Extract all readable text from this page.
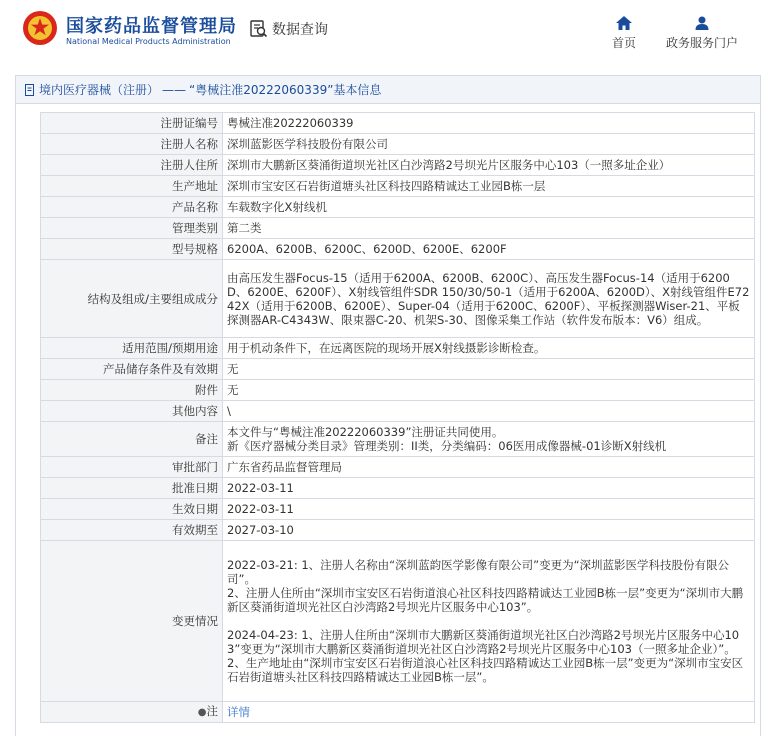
国家药品监督管理局
National Medical Products Administration
数据查询
首页 政务服务门户
境内医疗器械（注册） —— “粤械注准20222060339”基本信息
注册证编号	粤械注准20222060339
注册人名称	深圳蓝影医学科技股份有限公司
注册人住所	深圳市大鹏新区葵涌街道坝光社区白沙湾路2号坝光片区服务中心103（一照多址企业）
生产地址	深圳市宝安区石岩街道塘头社区科技四路精诚达工业园B栋一层
产品名称	车载数字化X射线机
管理类别	第二类
型号规格	6200A、6200B、6200C、6200D、6200E、6200F
结构及组成/主要组成成分	由高压发生器Focus-15（适用于6200A、6200B、6200C）、高压发生器Focus-14（适用于6200D、6200E、6200F）、X射线管组件SDR 150/30/50-1（适用于6200A、6200D）、X射线管组件E7242X（适用于6200B、6200E）、Super-04（适用于6200C、6200F）、平板探测器Wiser-21、平板探测器AR-C4343W、限束器C-20、机架S-30、图像采集工作站（软件发布版本：V6）组成。
适用范围/预期用途	用于机动条件下，在远离医院的现场开展X射线摄影诊断检查。
产品储存条件及有效期	无
附件	无
其他内容	\
备注	本文件与“粤械注准20222060339”注册证共同使用。
新《医疗器械分类目录》管理类别：II类，分类编码：06医用成像器械-01诊断X射线机

审批部门	广东省药品监督管理局
批准日期	2022-03-11
生效日期	2022-03-11
有效期至	2027-03-10
变更情况	2022-03-21: 1、注册人名称由“深圳蓝韵医学影像有限公司”变更为“深圳蓝影医学科技股份有限公司”。
2、注册人住所由“深圳市宝安区石岩街道浪心社区科技四路精诚达工业园B栋一层”变更为“深圳市大鹏新区葵涌街道坝光社区白沙湾路2号坝光片区服务中心103”。
2024-04-23: 1、注册人住所由“深圳市大鹏新区葵涌街道坝光社区白沙湾路2号坝光片区服务中心103”变更为“深圳市大鹏新区葵涌街道坝光社区白沙湾路2号坝光片区服务中心103（一照多址企业）”。
2、生产地址由“深圳市宝安区石岩街道浪心社区科技四路精诚达工业园B栋一层”变更为“深圳市宝安区石岩街道塘头社区科技四路精诚达工业园B栋一层”。

●注	详情
